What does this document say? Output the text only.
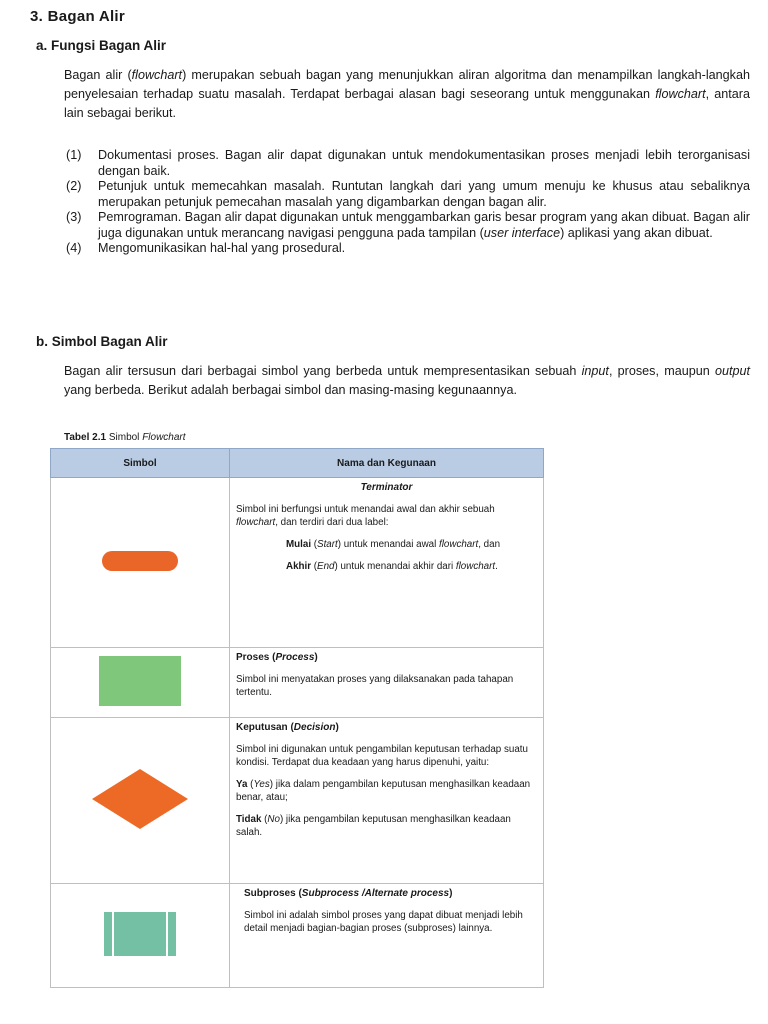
3. Bagan Alir
a. Fungsi Bagan Alir
Bagan alir (flowchart) merupakan sebuah bagan yang menunjukkan aliran algoritma dan menampilkan langkah-langkah penyelesaian terhadap suatu masalah. Terdapat berbagai alasan bagi seseorang untuk menggunakan flowchart, antara lain sebagai berikut.
(1) Dokumentasi proses. Bagan alir dapat digunakan untuk mendokumentasikan proses menjadi lebih terorganisasi dengan baik.
(2) Petunjuk untuk memecahkan masalah. Runtutan langkah dari yang umum menuju ke khusus atau sebaliknya merupakan petunjuk pemecahan masalah yang digambarkan dengan bagan alir.
(3) Pemrograman. Bagan alir dapat digunakan untuk menggambarkan garis besar program yang akan dibuat. Bagan alir juga digunakan untuk merancang navigasi pengguna pada tampilan (user interface) aplikasi yang akan dibuat.
(4) Mengomunikasikan hal-hal yang prosedural.
b. Simbol Bagan Alir
Bagan alir tersusun dari berbagai simbol yang berbeda untuk mempresentasikan sebuah input, proses, maupun output yang berbeda. Berikut adalah berbagai simbol dan masing-masing kegunaannya.
Tabel 2.1 Simbol Flowchart
Simbol	Nama dan Kegunaan

	Terminator
Simbol ini berfungsi untuk menandai awal dan akhir sebuah flowchart, dan terdiri dari dua label:
Mulai (Start) untuk menandai awal flowchart, dan
Akhir (End) untuk menandai akhir dari flowchart.

	Proses (Process)
Simbol ini menyatakan proses yang dilaksanakan pada tahapan tertentu.

Keputusan (Decision)
Simbol ini digunakan untuk pengambilan keputusan terhadap suatu kondisi. Terdapat dua keadaan yang harus dipenuhi, yaitu:
Ya (Yes) jika dalam pengambilan keputusan menghasilkan keadaan benar, atau;
Tidak (No) jika pengambilan keputusan menghasilkan keadaan salah.

	Subproses (Subprocess /Alternate process)
Simbol ini adalah simbol proses yang dapat dibuat menjadi lebih detail menjadi bagian-bagian proses (subproses) lainnya.
